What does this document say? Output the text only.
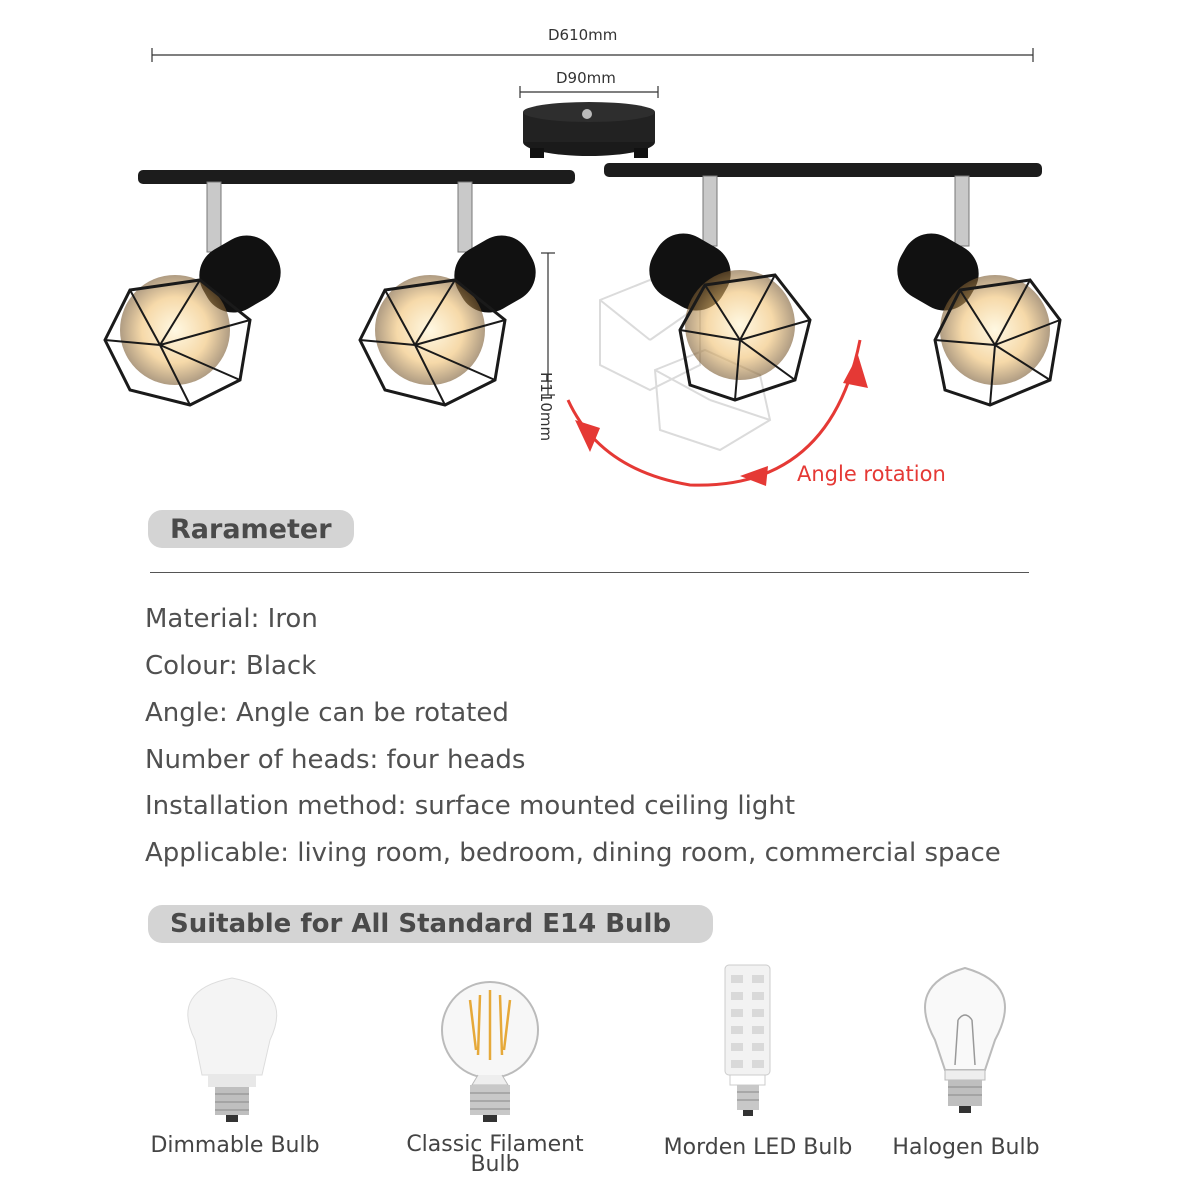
D610mm
D90mm
H110mm
Angle rotation
Rarameter
Material: Iron
Colour: Black
Angle: Angle can be rotated
Number of heads: four heads
Installation method: surface mounted ceiling light
Applicable: living room, bedroom, dining room, commercial space
Suitable for All Standard E14 Bulb
Dimmable Bulb	Classic Filament
Bulb
Morden LED Bulb	Halogen Bulb
